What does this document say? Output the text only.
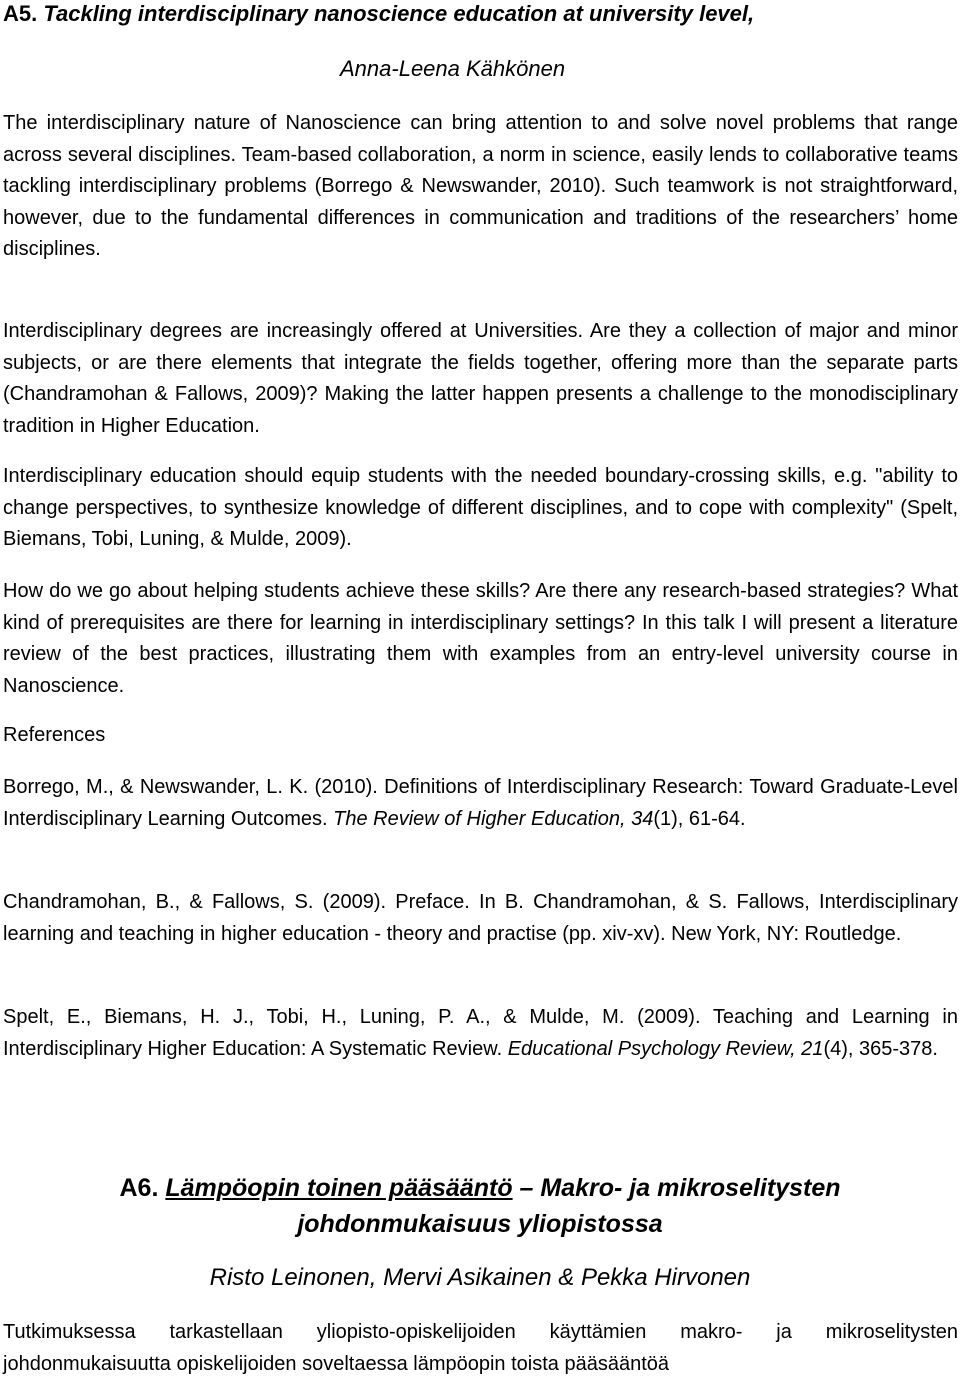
A5. Tackling interdisciplinary nanoscience education at university level,
Anna-Leena Kähkönen

The interdisciplinary nature of Nanoscience can bring attention to and solve novel problems that range across several disciplines. Team-based collaboration, a norm in science, easily lends to collaborative teams tackling interdisciplinary problems (Borrego & Newswander, 2010). Such teamwork is not straightforward, however, due to the fundamental differences in communication and traditions of the researchers’ home disciplines.

Interdisciplinary degrees are increasingly offered at Universities. Are they a collection of major and minor subjects, or are there elements that integrate the fields together, offering more than the separate parts (Chandramohan & Fallows, 2009)? Making the latter happen presents a challenge to the monodisciplinary tradition in Higher Education.

Interdisciplinary education should equip students with the needed boundary-crossing skills, e.g. "ability to change perspectives, to synthesize knowledge of different disciplines, and to cope with complexity" (Spelt, Biemans, Tobi, Luning, & Mulde, 2009).

How do we go about helping students achieve these skills? Are there any research-based strategies? What kind of prerequisites are there for learning in interdisciplinary settings? In this talk I will present a literature review of the best practices, illustrating them with examples from an entry-level university course in Nanoscience.

References

Borrego, M., & Newswander, L. K. (2010). Definitions of Interdisciplinary Research: Toward Graduate-Level Interdisciplinary Learning Outcomes. The Review of Higher Education, 34(1), 61-64.

Chandramohan, B., & Fallows, S. (2009). Preface. In B. Chandramohan, & S. Fallows, Interdisciplinary learning and teaching in higher education - theory and practise (pp. xiv-xv). New York, NY: Routledge.

Spelt, E., Biemans, H. J., Tobi, H., Luning, P. A., & Mulde, M. (2009). Teaching and Learning in Interdisciplinary Higher Education: A Systematic Review. Educational Psychology Review, 21(4), 365-378.

A6. Lämpöopin toinen pääsääntö – Makro- ja mikroselitysten
johdonmukaisuus yliopistossa
Risto Leinonen, Mervi Asikainen & Pekka Hirvonen

Tutkimuksessa tarkastellaan yliopisto-opiskelijoiden käyttämien makro- ja mikroselitysten johdonmukaisuutta opiskelijoiden soveltaessa lämpöopin toista pääsääntöä
